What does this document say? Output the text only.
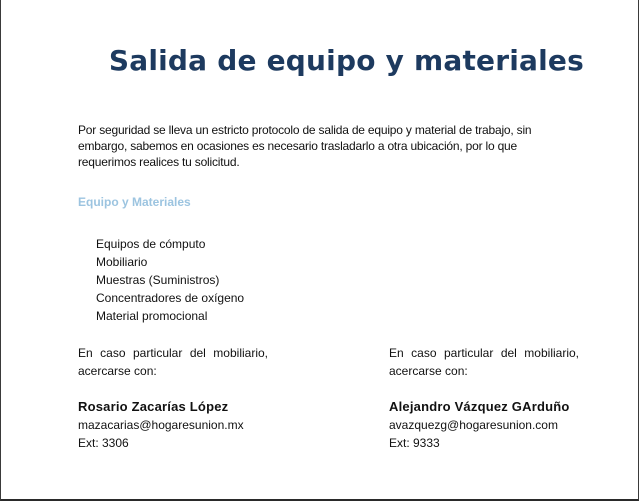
Salida de equipo y materiales

Por seguridad se lleva un estricto protocolo de salida de equipo y material de trabajo, sin embargo, sabemos en ocasiones es necesario trasladarlo a otra ubicación, por lo que requerimos realices tu solicitud.

Equipo y Materiales
Equipos de cómputo
Mobiliario
Muestras (Suministros)
Concentradores de oxígeno
Material promocional
En caso particular del mobiliario, acercarse con:
Rosario Zacarías López
mazacarias@hogaresunion.mx
Ext: 3306
En caso particular del mobiliario, acercarse con:
Alejandro Vázquez GArduño
avazquezg@hogaresunion.com
Ext: 9333
